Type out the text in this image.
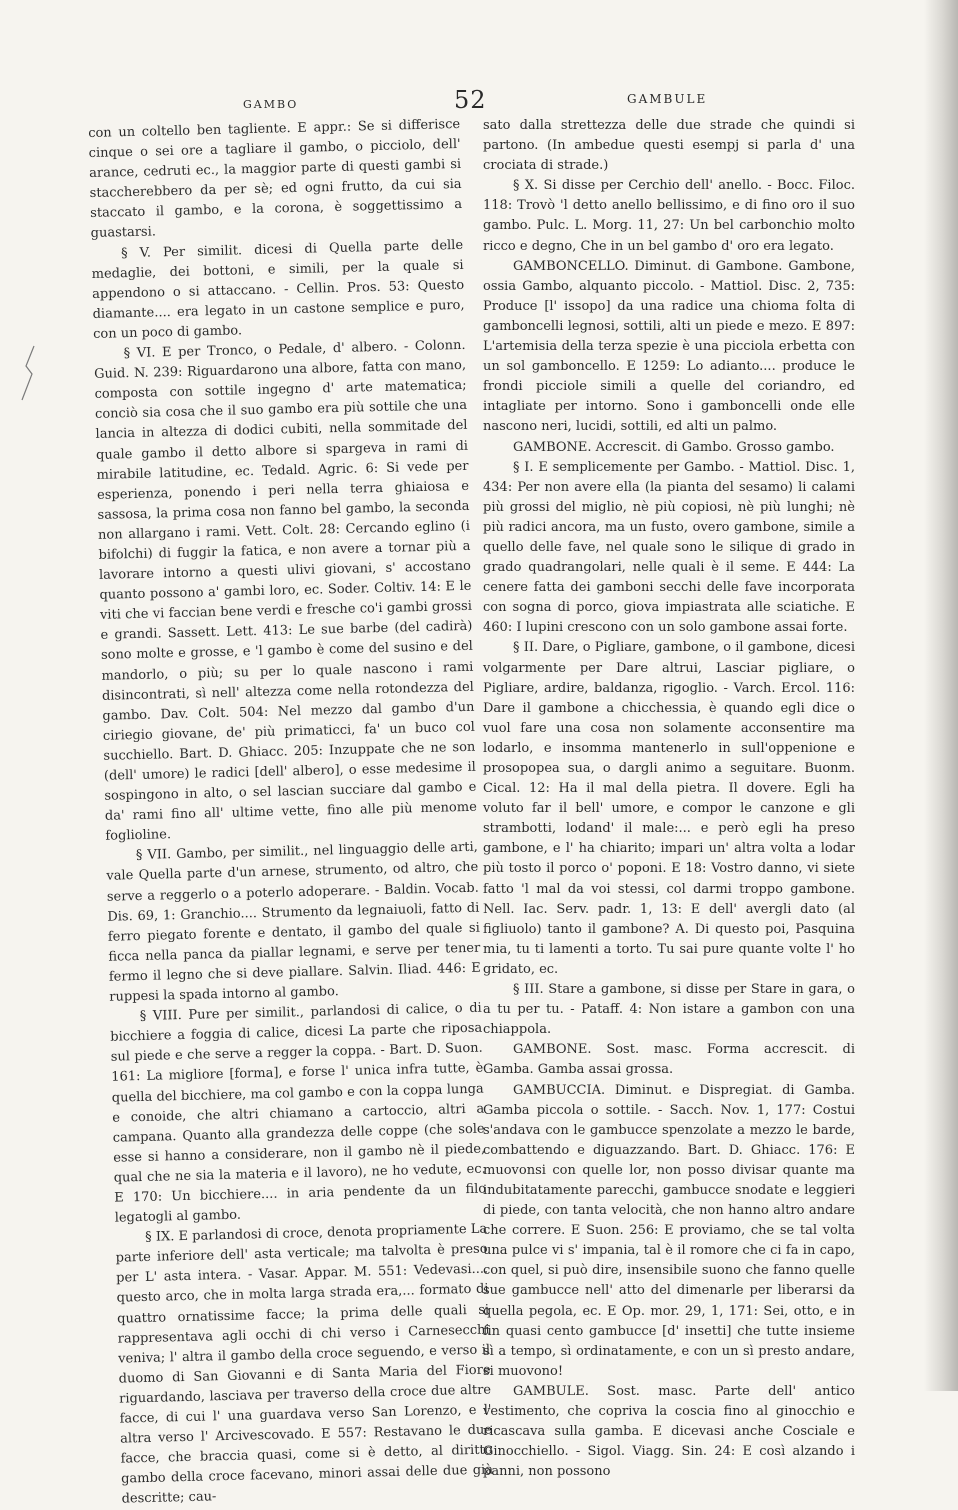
GAMBO	52	GAMBULE

con un coltello ben tagliente. E appr.: Se si differisce cinque o sei ore a tagliare il gambo, o picciolo, dell' arance, cedruti ec., la maggior parte di questi gambi si staccherebbero da per sè; ed ogni frutto, da cui sia staccato il gambo, e la corona, è soggettissimo a guastarsi.

§ V. Per similit. dicesi di Quella parte delle medaglie, dei bottoni, e simili, per la quale si appendono o si attaccano. - Cellin. Pros. 53: Questo diamante.... era legato in un castone semplice e puro, con un poco di gambo.

§ VI. E per Tronco, o Pedale, d' albero. - Colonn. Guid. N. 239: Riguardarono una albore, fatta con mano, composta con sottile ingegno d' arte matematica; conciò sia cosa che il suo gambo era più sottile che una lancia in altezza di dodici cubiti, nella sommitade del quale gambo il detto albore si spargeva in rami di mirabile latitudine, ec. Tedald. Agric. 6: Si vede per esperienza, ponendo i peri nella terra ghiaiosa e sassosa, la prima cosa non fanno bel gambo, la seconda non allargano i rami. Vett. Colt. 28: Cercando eglino (i bifolchi) di fuggir la fatica, e non avere a tornar più a lavorare intorno a questi ulivi giovani, s' accostano quanto possono a' gambi loro, ec. Soder. Coltiv. 14: E le viti che vi faccian bene verdi e fresche co'i gambi grossi e grandi. Sassett. Lett. 413: Le sue barbe (del cadirà) sono molte e grosse, e 'l gambo è come del susino e del mandorlo, o più; su per lo quale nascono i rami disincontrati, sì nell' altezza come nella rotondezza del gambo. Dav. Colt. 504: Nel mezzo dal gambo d'un ciriegio giovane, de' più primaticci, fa' un buco col succhiello. Bart. D. Ghiacc. 205: Inzuppate che ne son (dell' umore) le radici [dell' albero], o esse medesime il sospingono in alto, o sel lascian succiare dal gambo e da' rami fino all' ultime vette, fino alle più menome foglioline.

§ VII. Gambo, per similit., nel linguaggio delle arti, vale Quella parte d'un arnese, strumento, od altro, che serve a reggerlo o a poterlo adoperare. - Baldin. Vocab. Dis. 69, 1: Granchio.... Strumento da legnaiuoli, fatto di ferro piegato forente e dentato, il gambo del quale si ficca nella panca da piallar legnami, e serve per tener fermo il legno che si deve piallare. Salvin. Iliad. 446: E ruppesi la spada intorno al gambo.

§ VIII. Pure per similit., parlandosi di calice, o di bicchiere a foggia di calice, dicesi La parte che riposa sul piede e che serve a regger la coppa. - Bart. D. Suon. 161: La migliore [forma], e forse l' unica infra tutte, è quella del bicchiere, ma col gambo e con la coppa lunga e conoide, che altri chiamano a cartoccio, altri a campana. Quanto alla grandezza delle coppe (che sole esse si hanno a considerare, non il gambo nè il piede, qual che ne sia la materia e il lavoro), ne ho vedute, ec. E 170: Un bicchiere.... in aria pendente da un filo legatogli al gambo.

§ IX. E parlandosi di croce, denota propriamente La parte inferiore dell' asta verticale; ma talvolta è preso per L' asta intera. - Vasar. Appar. M. 551: Vedevasi.... questo arco, che in molta larga strada era,... formato di quattro ornatissime facce; la prima delle quali si rappresentava agli occhi di chi verso i Carnesecchi veniva; l' altra il gambo della croce seguendo, e verso il duomo di San Giovanni e di Santa Maria del Fiore riguardando, lasciava per traverso della croce due altre facce, di cui l' una guardava verso San Lorenzo, e l' altra verso l' Arcivescovado. E 557: Restavano le due facce, che braccia quasi, come si è detto, al diritto gambo della croce facevano, minori assai delle due già descritte; cau-

sato dalla strettezza delle due strade che quindi si partono. (In ambedue questi esempj si parla d' una crociata di strade.)

§ X. Si disse per Cerchio dell' anello. - Bocc. Filoc. 118: Trovò 'l detto anello bellissimo, e di fino oro il suo gambo. Pulc. L. Morg. 11, 27: Un bel carbonchio molto ricco e degno, Che in un bel gambo d' oro era legato.

GAMBONCELLO. Diminut. di Gambone. Gambone, ossia Gambo, alquanto piccolo. - Mattiol. Disc. 2, 735: Produce [l' issopo] da una radice una chioma folta di gamboncelli legnosi, sottili, alti un piede e mezo. E 897: L'artemisia della terza spezie è una picciola erbetta con un sol gamboncello. E 1259: Lo adianto.... produce le frondi picciole simili a quelle del coriandro, ed intagliate per intorno. Sono i gamboncelli onde elle nascono neri, lucidi, sottili, ed alti un palmo.

GAMBONE. Accrescit. di Gambo. Grosso gambo.

§ I. E semplicemente per Gambo. - Mattiol. Disc. 1, 434: Per non avere ella (la pianta del sesamo) li calami più grossi del miglio, nè più copiosi, nè più lunghi; nè più radici ancora, ma un fusto, overo gambone, simile a quello delle fave, nel quale sono le silique di grado in grado quadrangolari, nelle quali è il seme. E 444: La cenere fatta dei gamboni secchi delle fave incorporata con sogna di porco, giova impiastrata alle sciatiche. E 460: I lupini crescono con un solo gambone assai forte.

§ II. Dare, o Pigliare, gambone, o il gambone, dicesi volgarmente per Dare altrui, Lasciar pigliare, o Pigliare, ardire, baldanza, rigoglio. - Varch. Ercol. 116: Dare il gambone a chicchessia, è quando egli dice o vuol fare una cosa non solamente acconsentire ma lodarlo, e insomma mantenerlo in sull'oppenione e prosopopea sua, o dargli animo a seguitare. Buonm. Cical. 12: Ha il mal della pietra. Il dovere. Egli ha voluto far il bell' umore, e compor le canzone e gli strambotti, lodand' il male:... e però egli ha preso gambone, e l' ha chiarito; impari un' altra volta a lodar più tosto il porco o' poponi. E 18: Vostro danno, vi siete fatto 'l mal da voi stessi, col darmi troppo gambone. Nell. Iac. Serv. padr. 1, 13: E dell' avergli dato (al figliuolo) tanto il gambone? A. Di questo poi, Pasquina mia, tu ti lamenti a torto. Tu sai pure quante volte l' ho gridato, ec.

§ III. Stare a gambone, si disse per Stare in gara, o a tu per tu. - Pataff. 4: Non istare a gambon con una chiappola.

GAMBONE. Sost. masc. Forma accrescit. di Gamba. Gamba assai grossa.

GAMBUCCIA. Diminut. e Dispregiat. di Gamba. Gamba piccola o sottile. - Sacch. Nov. 1, 177: Costui s'andava con le gambucce spenzolate a mezzo le barde, combattendo e diguazzando. Bart. D. Ghiacc. 176: E muovonsi con quelle lor, non posso divisar quante ma indubitatamente parecchi, gambucce snodate e leggieri di piede, con tanta velocità, che non hanno altro andare che correre. E Suon. 256: E proviamo, che se tal volta una pulce vi s' impania, tal è il romore che ci fa in capo, con quel, si può dire, insensibile suono che fanno quelle sue gambucce nell' atto del dimenarle per liberarsi da quella pegola, ec. E Op. mor. 29, 1, 171: Sei, otto, e in fin quasi cento gambucce [d' insetti] che tutte insieme sì a tempo, sì ordinatamente, e con un sì presto andare, si muovono!

GAMBULE. Sost. masc. Parte dell' antico vestimento, che copriva la coscia fino al ginocchio e ricascava sulla gamba. E dicevasi anche Cosciale e Ginocchiello. - Sigol. Viagg. Sin. 24: E così alzando i panni, non possono
